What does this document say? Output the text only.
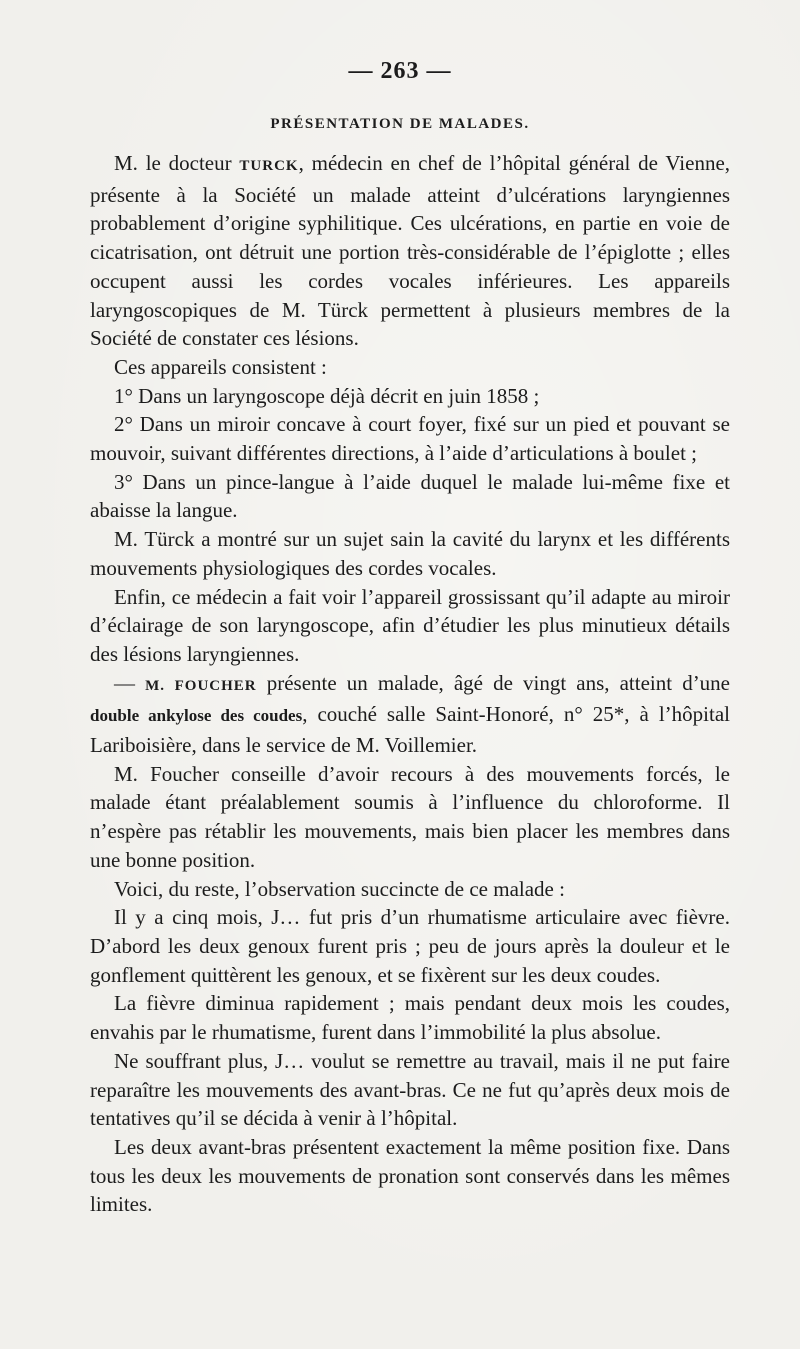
— 263 —
PRÉSENTATION DE MALADES.

M. le docteur TURCK, médecin en chef de l’hôpital général de Vienne, présente à la Société un malade atteint d’ulcérations laryngiennes probablement d’origine syphilitique. Ces ulcérations, en partie en voie de cicatrisation, ont détruit une portion très-considérable de l’épiglotte ; elles occupent aussi les cordes vocales inférieures. Les appareils laryngoscopiques de M. Türck permettent à plusieurs membres de la Société de constater ces lésions.

Ces appareils consistent :

1° Dans un laryngoscope déjà décrit en juin 1858 ;

2° Dans un miroir concave à court foyer, fixé sur un pied et pouvant se mouvoir, suivant différentes directions, à l’aide d’articulations à boulet ;

3° Dans un pince-langue à l’aide duquel le malade lui-même fixe et abaisse la langue.

M. Türck a montré sur un sujet sain la cavité du larynx et les différents mouvements physiologiques des cordes vocales.

Enfin, ce médecin a fait voir l’appareil grossissant qu’il adapte au miroir d’éclairage de son laryngoscope, afin d’étudier les plus minutieux détails des lésions laryngiennes.

— M. FOUCHER présente un malade, âgé de vingt ans, atteint d’une double ankylose des coudes, couché salle Saint-Honoré, n° 25*, à l’hôpital Lariboisière, dans le service de M. Voillemier.

M. Foucher conseille d’avoir recours à des mouvements forcés, le malade étant préalablement soumis à l’influence du chloroforme. Il n’espère pas rétablir les mouvements, mais bien placer les membres dans une bonne position.

Voici, du reste, l’observation succincte de ce malade :

Il y a cinq mois, J… fut pris d’un rhumatisme articulaire avec fièvre. D’abord les deux genoux furent pris ; peu de jours après la douleur et le gonflement quittèrent les genoux, et se fixèrent sur les deux coudes.

La fièvre diminua rapidement ; mais pendant deux mois les coudes, envahis par le rhumatisme, furent dans l’immobilité la plus absolue.

Ne souffrant plus, J… voulut se remettre au travail, mais il ne put faire reparaître les mouvements des avant-bras. Ce ne fut qu’après deux mois de tentatives qu’il se décida à venir à l’hôpital.

Les deux avant-bras présentent exactement la même position fixe. Dans tous les deux les mouvements de pronation sont conservés dans les mêmes limites.
